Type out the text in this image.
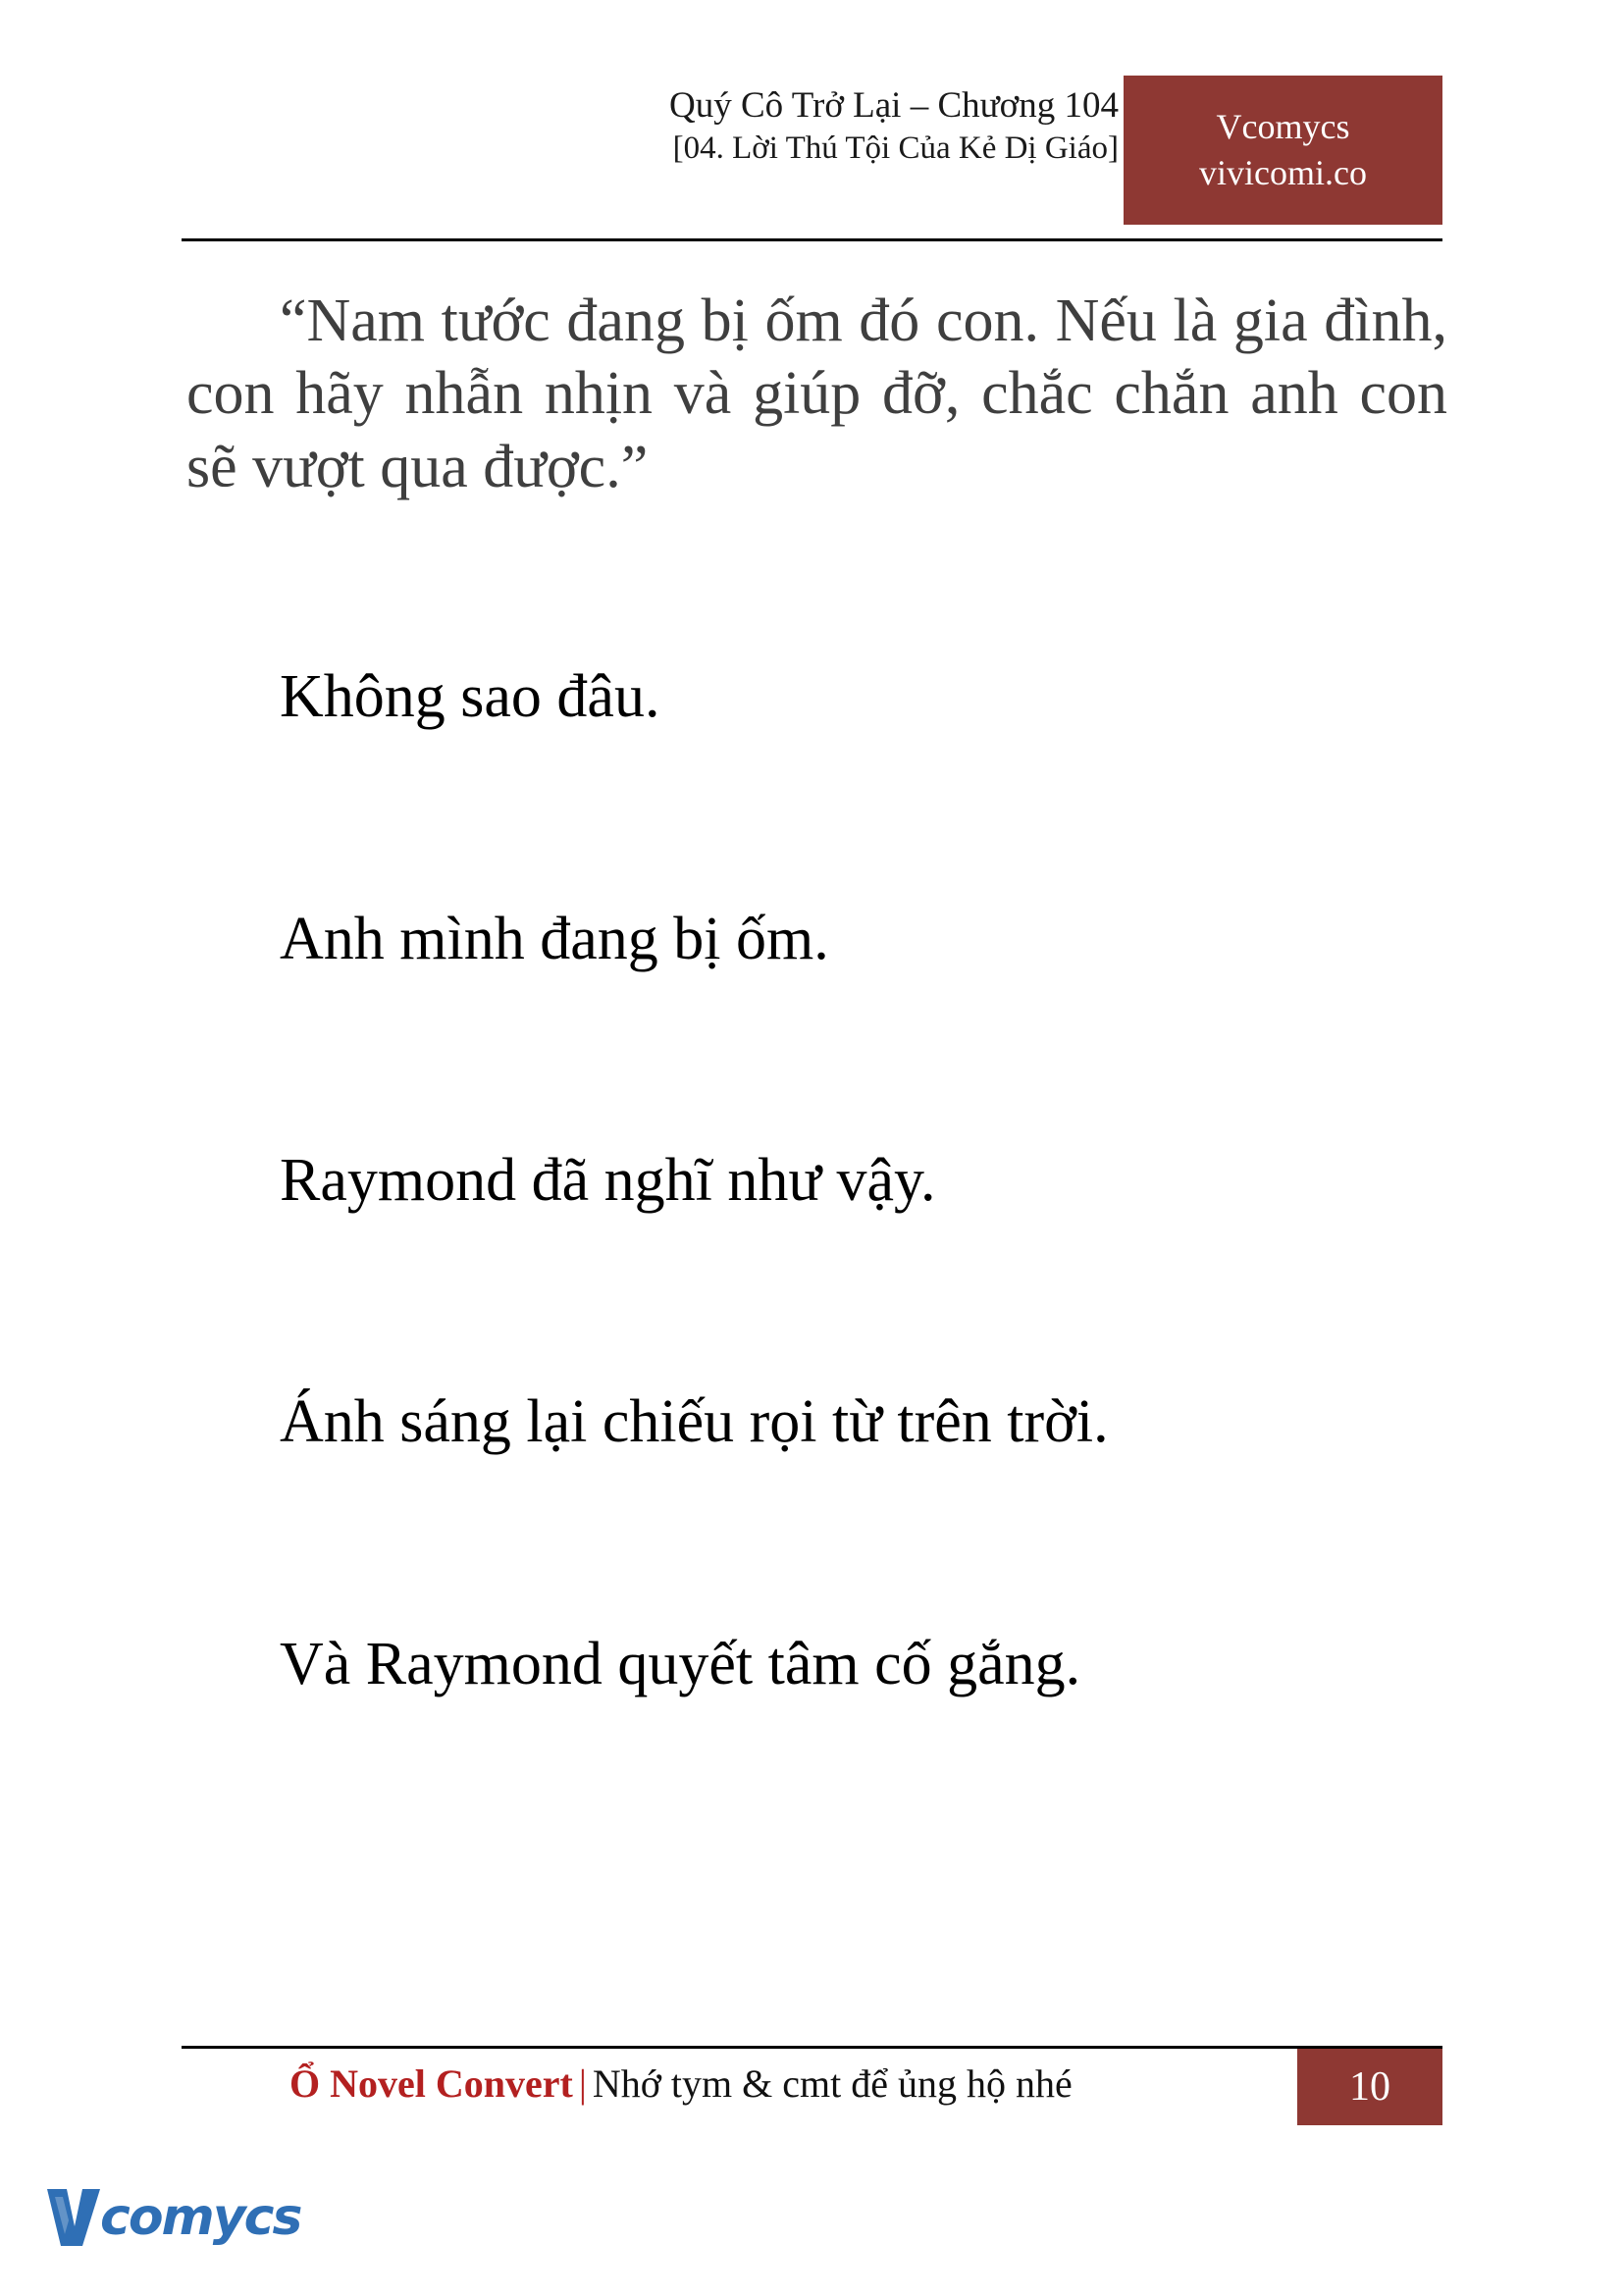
Quý Cô Trở Lại – Chương 104
[04. Lời Thú Tội Của Kẻ Dị Giáo]
Vcomycs
vivicomi.co

“Nam tước đang bị ốm đó con. Nếu là gia đình, con hãy nhẫn nhịn và giúp đỡ, chắc chắn anh con sẽ vượt qua được.”

Không sao đâu.

Anh mình đang bị ốm.

Raymond đã nghĩ như vậy.

Ánh sáng lại chiếu rọi từ trên trời.

Và Raymond quyết tâm cố gắng.

Ổ Novel Convert | Nhớ tym & cmt để ủng hộ nhé	10
comycs
